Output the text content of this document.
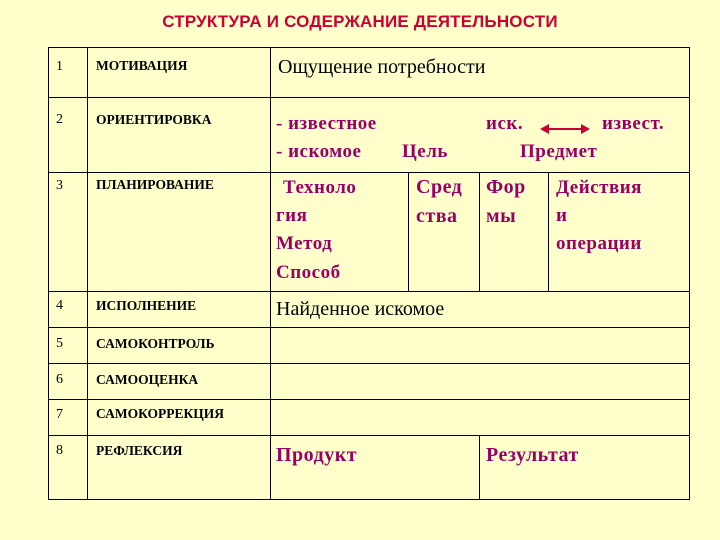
СТРУКТУРА И СОДЕРЖАНИЕ ДЕЯТЕЛЬНОСТИ
1
2
3
4
5
6
7
8
МОТИВАЦИЯ
ОРИЕНТИРОВКА
ПЛАНИРОВАНИЕ
ИСПОЛНЕНИЕ
САМОКОНТРОЛЬ
САМООЦЕНКА
САМОКОРРЕКЦИЯ
РЕФЛЕКСИЯ
Ощущение потребности
- известное
- искомое Цель
иск.	извест.
Предмет
Техноло
гия
Метод
Способ
Сред
ства
Фор
мы
Действия
и
операции
Найденное искомое
Продукт	Результат
